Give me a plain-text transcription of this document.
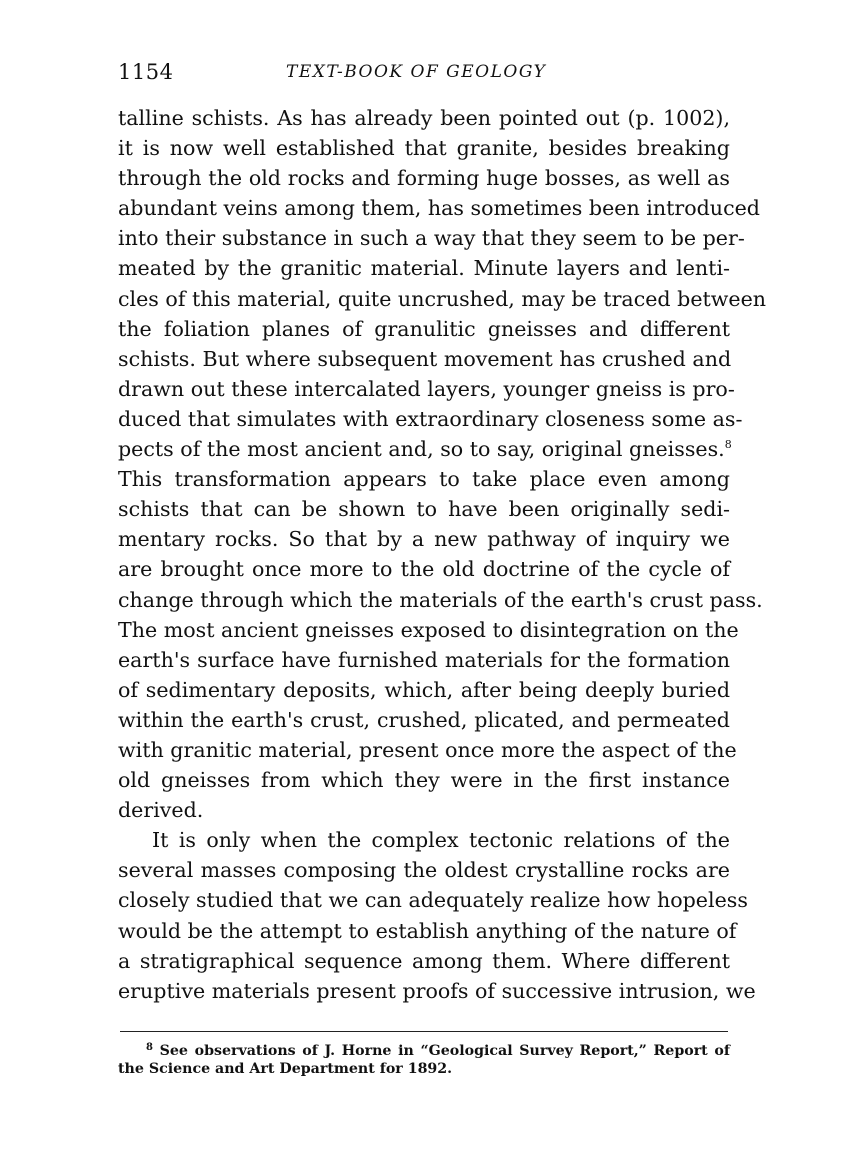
1154	TEXT-BOOK OF GEOLOGY
talline schists. As has already been pointed out (p. 1002),
it is now well established that granite, besides breaking
through the old rocks and forming huge bosses, as well as
abundant veins among them, has sometimes been introduced
into their substance in such a way that they seem to be per-
meated by the granitic material. Minute layers and lenti-
cles of this material, quite uncrushed, may be traced between
the foliation planes of granulitic gneisses and different
schists. But where subsequent movement has crushed and
drawn out these intercalated layers, younger gneiss is pro-
duced that simulates with extraordinary closeness some as-
pects of the most ancient and, so to say, original gneisses.$^8$
This transformation appears to take place even among
schists that can be shown to have been originally sedi-
mentary rocks. So that by a new pathway of inquiry we
are brought once more to the old doctrine of the cycle of
change through which the materials of the earth's crust pass.
The most ancient gneisses exposed to disintegration on the
earth's surface have furnished materials for the formation
of sedimentary deposits, which, after being deeply buried
within the earth's crust, crushed, plicated, and permeated
with granitic material, present once more the aspect of the
old gneisses from which they were in the first instance
derived.
It is only when the complex tectonic relations of the
several masses composing the oldest crystalline rocks are
closely studied that we can adequately realize how hopeless
would be the attempt to establish anything of the nature of
a stratigraphical sequence among them. Where different
eruptive materials present proofs of successive intrusion, we
$^8$ See observations of J. Horne in “Geological Survey Report,” Report of
the Science and Art Department for 1892.
